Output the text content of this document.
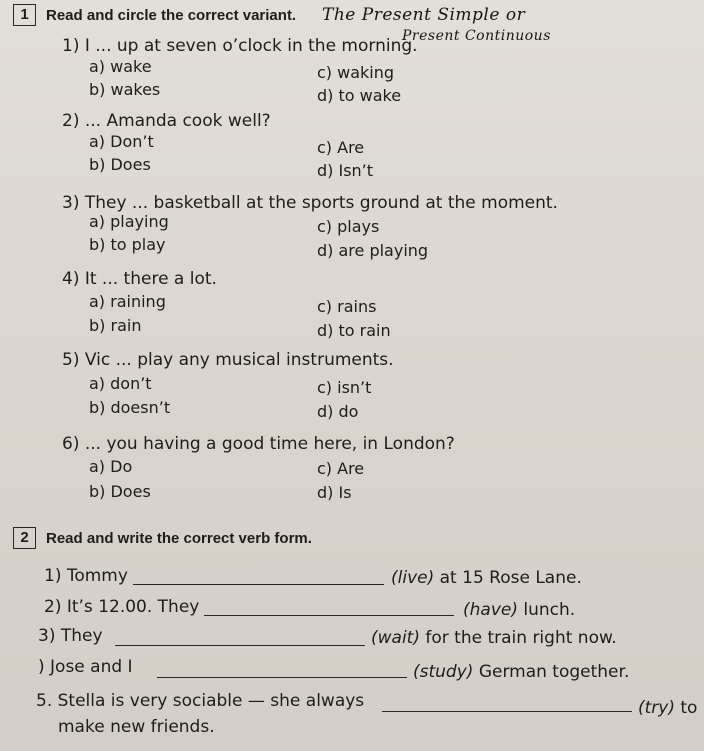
1	Read and circle the correct variant. The Present Simple or
Present Continuous
1) I ... up at seven o’clock in the morning.
a) wake	c) waking
b) wakes	d) to wake
2) ... Amanda cook well?
a) Don’t	c) Are
b) Does	d) Isn’t
3) They ... basketball at the sports ground at the moment.
a) playing	c) plays
b) to play	d) are playing
4) It ... there a lot.
a) raining	c) rains
b) rain	d) to rain
5) Vic ... play any musical instruments.
a) don’t	c) isn’t
b) doesn’t	d) do
6) ... you having a good time here, in London?
a) Do	c) Are
b) Does	d) Is
2	Read and write the correct verb form.
1) Tommy	(live) at 15 Rose Lane.
2) It’s 12.00. They	(have) lunch.
3) They	(wait) for the train right now.
) Jose and I	(study) German together.
5. Stella is very sociable — she always	(try) to
make new friends.
